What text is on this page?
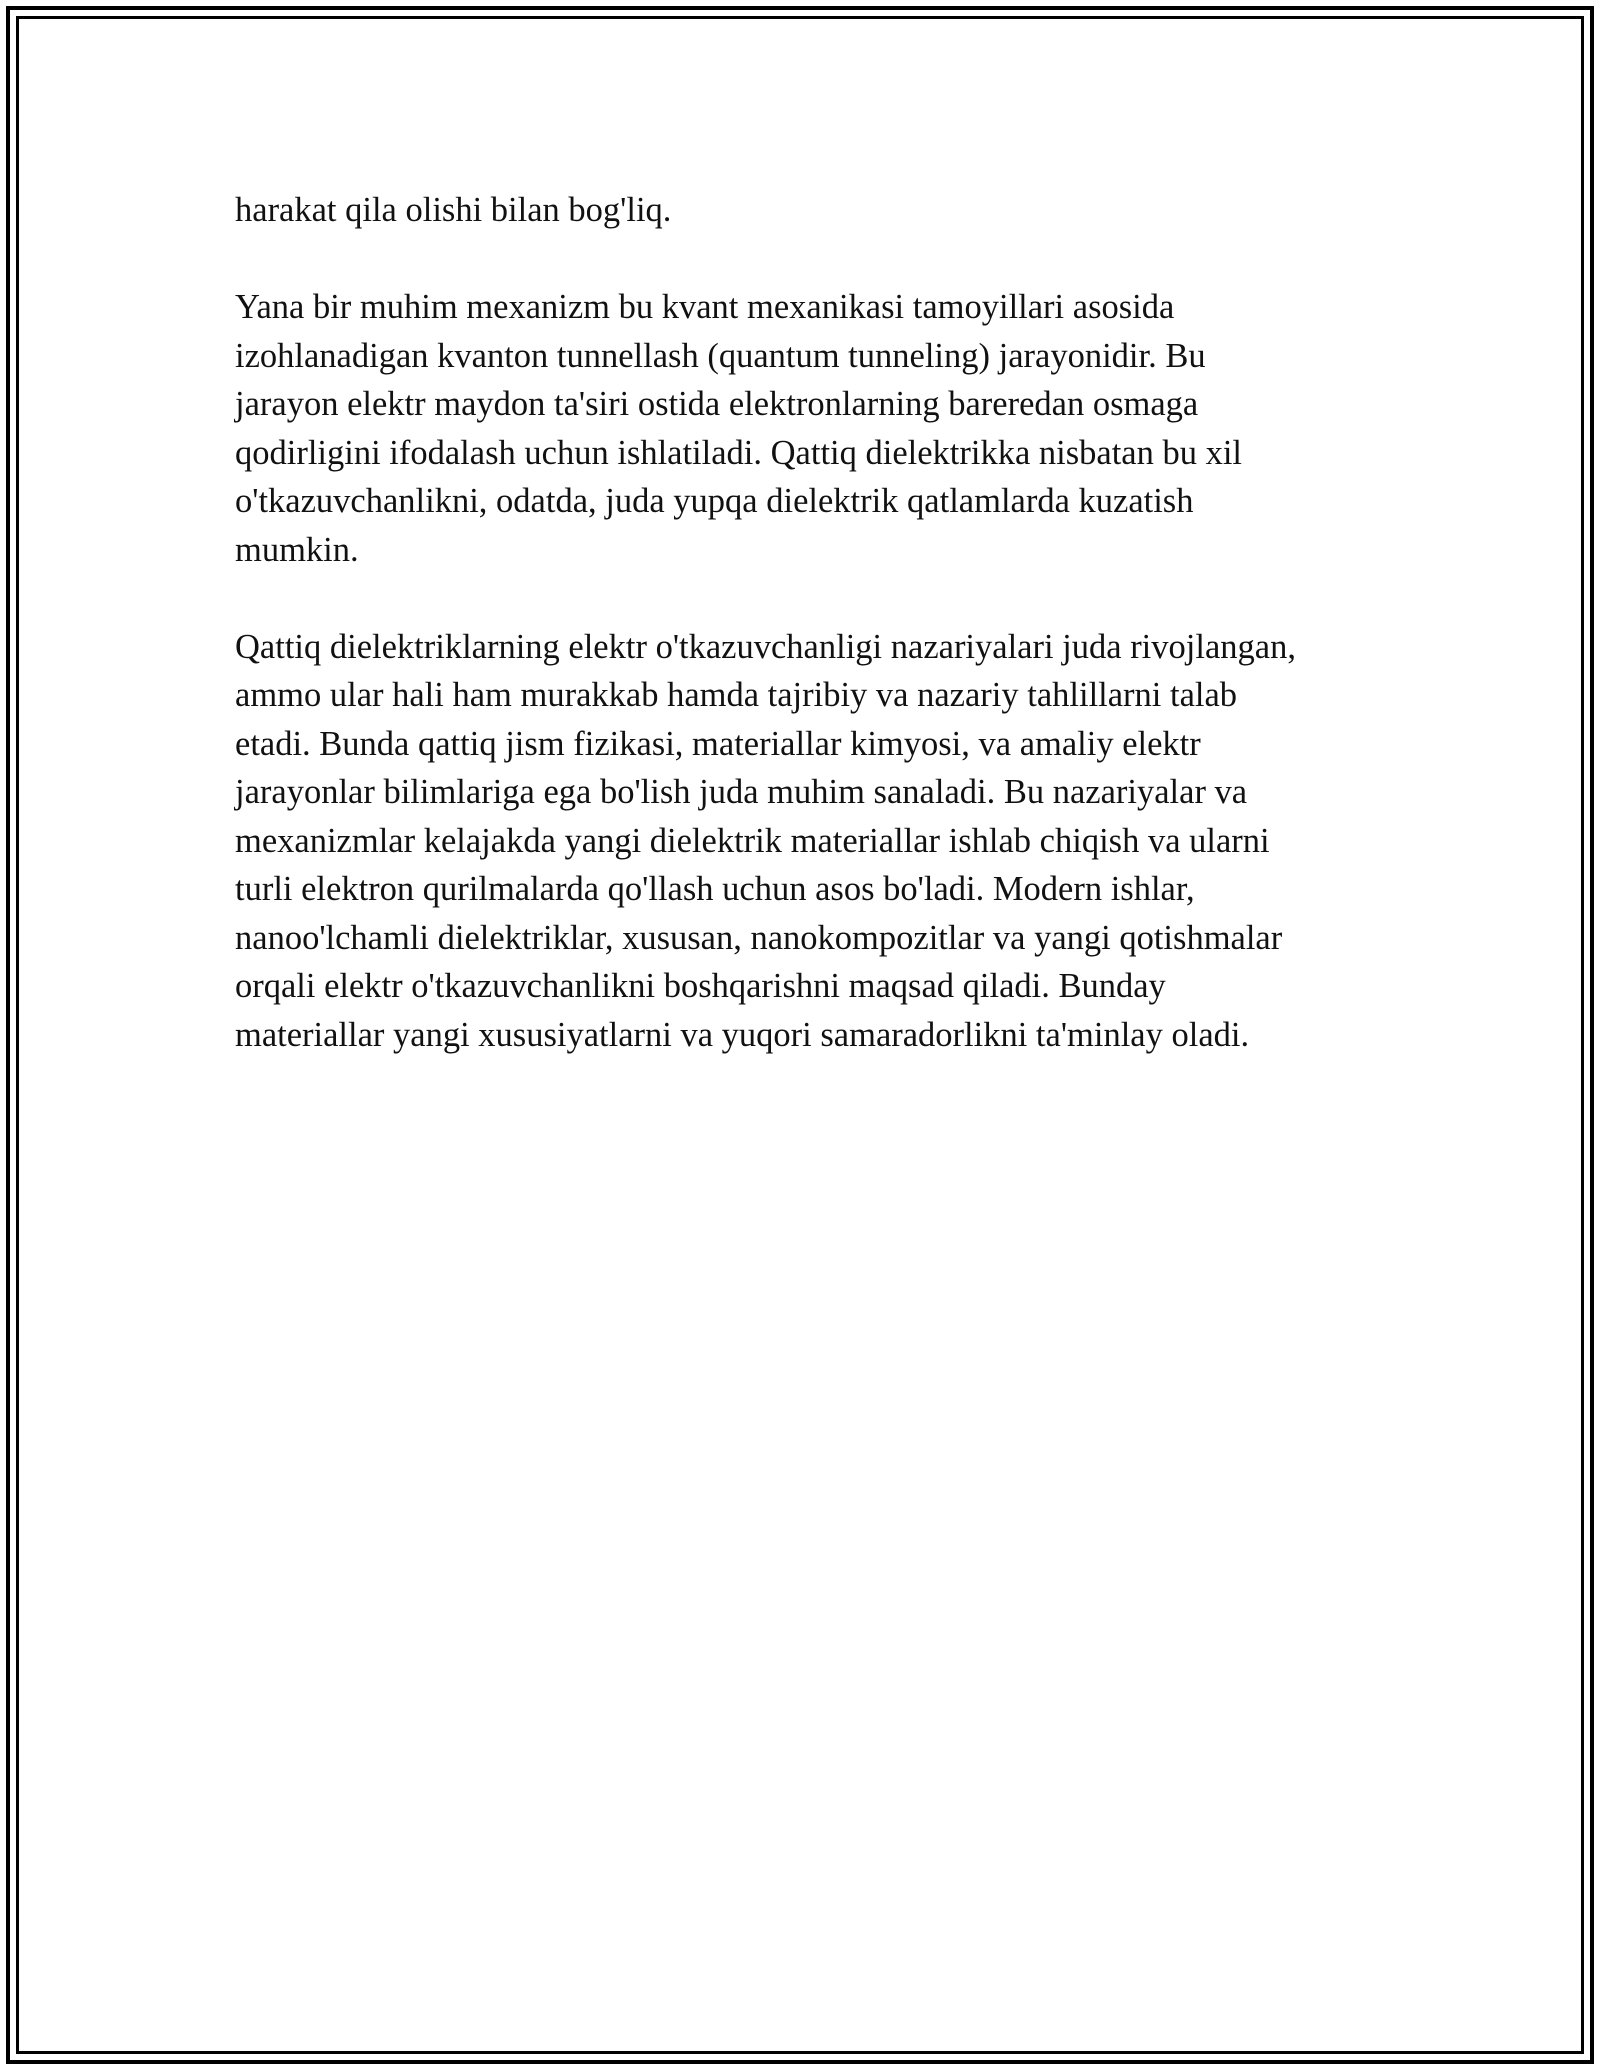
harakat qila olishi bilan bog'liq.

Yana bir muhim mexanizm bu kvant mexanikasi tamoyillari asosida
izohlanadigan kvanton tunnellash (quantum tunneling) jarayonidir. Bu
jarayon elektr maydon ta'siri ostida elektronlarning bareredan osmaga
qodirligini ifodalash uchun ishlatiladi. Qattiq dielektrikka nisbatan bu xil
o'tkazuvchanlikni, odatda, juda yupqa dielektrik qatlamlarda kuzatish
mumkin.

Qattiq dielektriklarning elektr o'tkazuvchanligi nazariyalari juda rivojlangan,
ammo ular hali ham murakkab hamda tajribiy va nazariy tahlillarni talab
etadi. Bunda qattiq jism fizikasi, materiallar kimyosi, va amaliy elektr
jarayonlar bilimlariga ega bo'lish juda muhim sanaladi. Bu nazariyalar va
mexanizmlar kelajakda yangi dielektrik materiallar ishlab chiqish va ularni
turli elektron qurilmalarda qo'llash uchun asos bo'ladi. Modern ishlar,
nanoo'lchamli dielektriklar, xususan, nanokompozitlar va yangi qotishmalar
orqali elektr o'tkazuvchanlikni boshqarishni maqsad qiladi. Bunday
materiallar yangi xususiyatlarni va yuqori samaradorlikni ta'minlay oladi.
